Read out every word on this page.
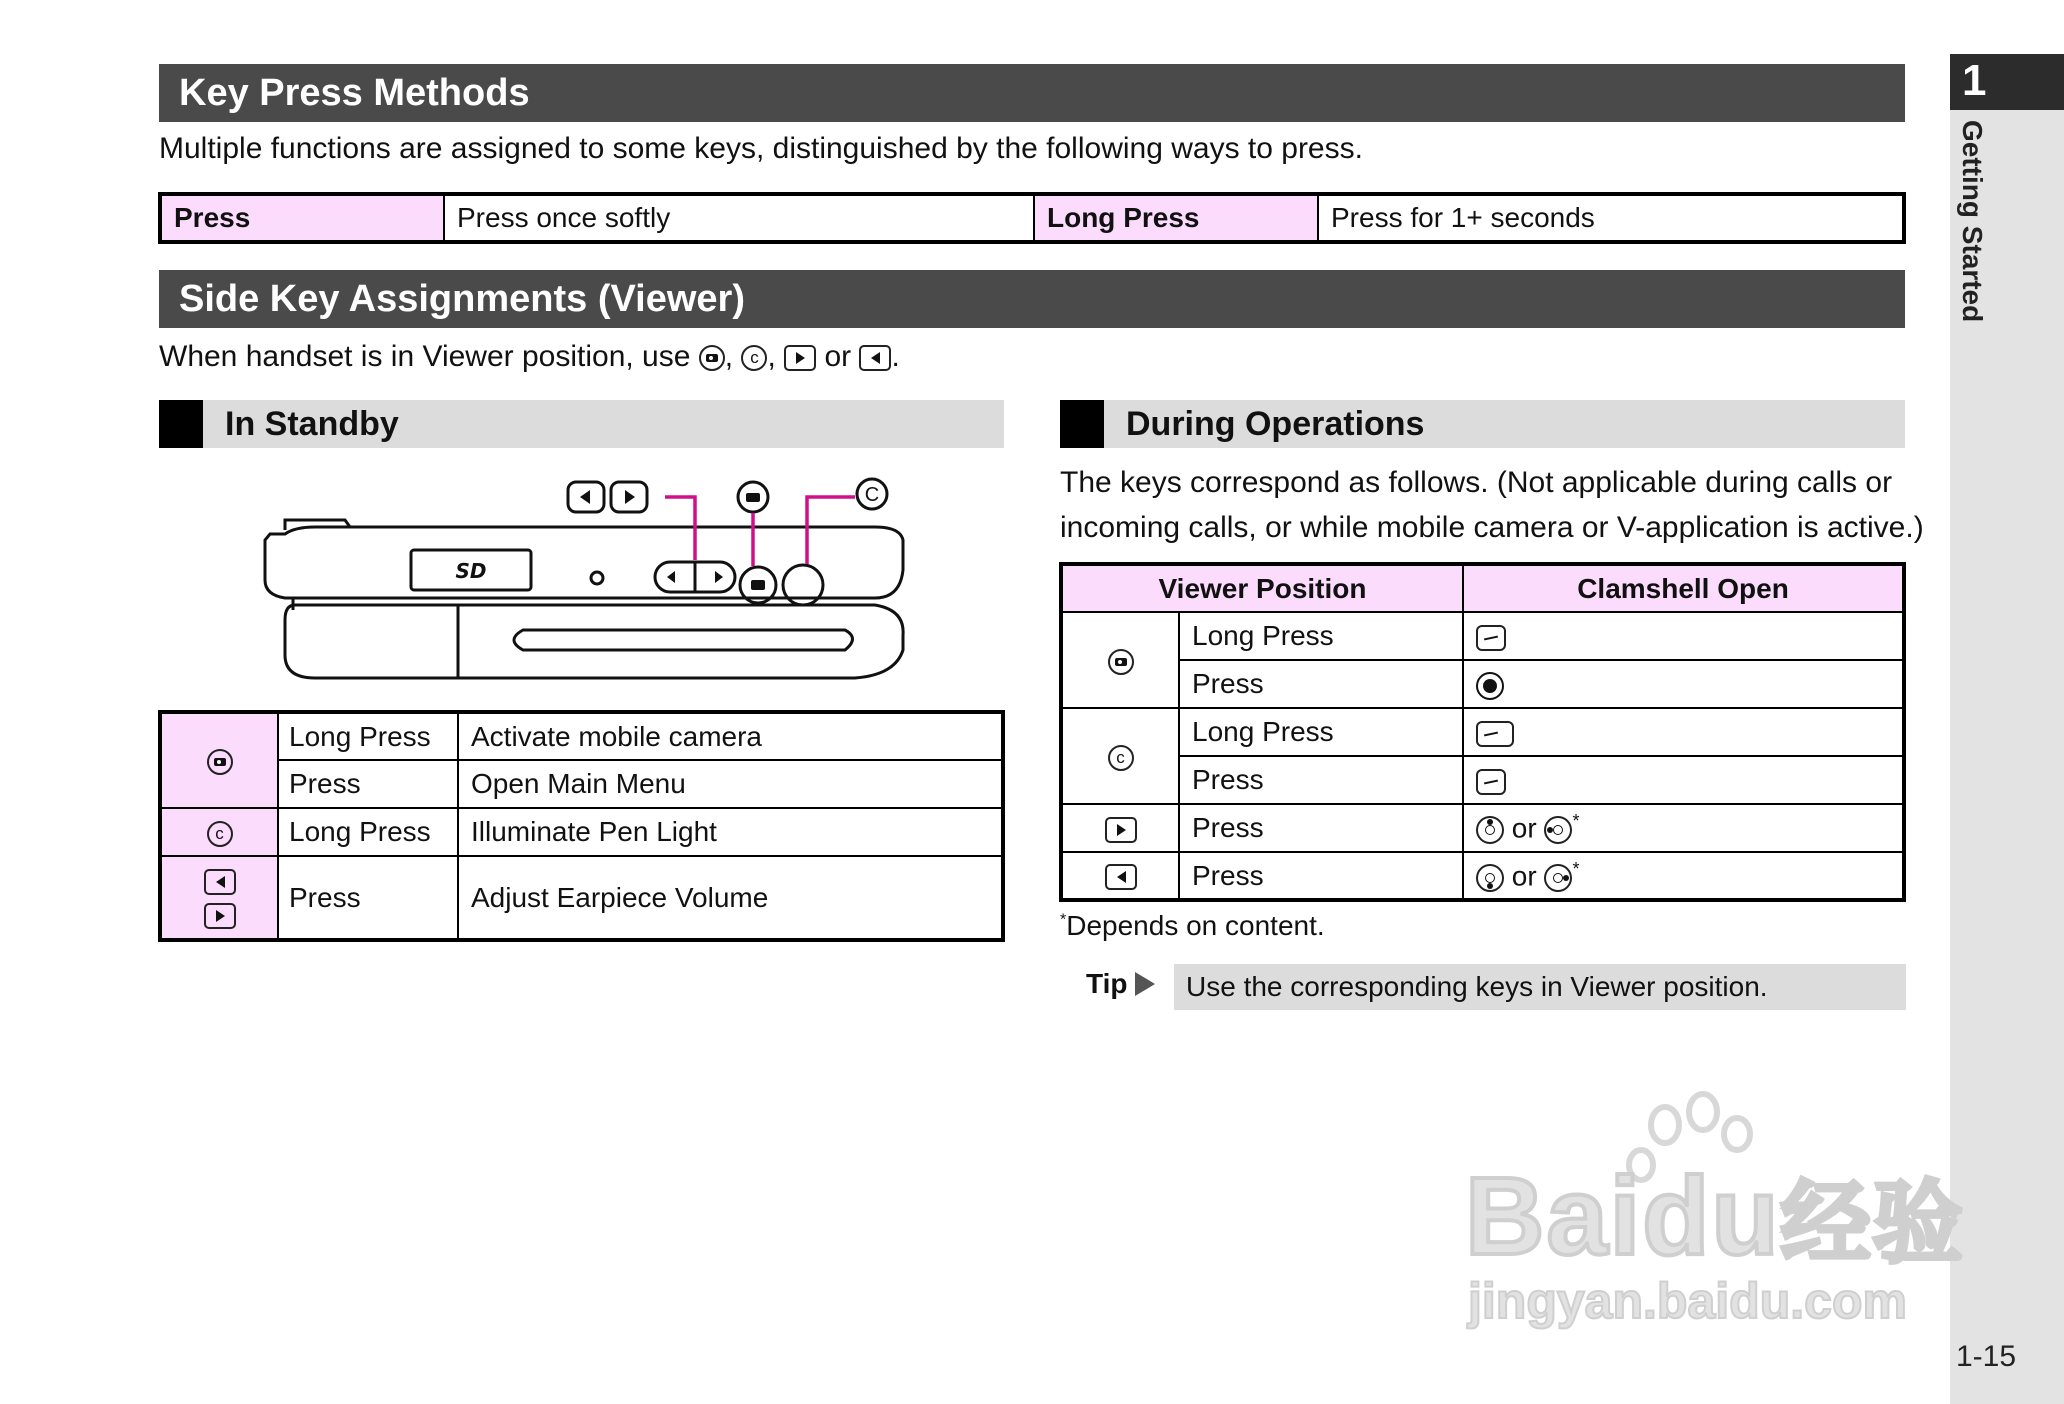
1
Getting Started
1-15
Key Press Methods
Multiple functions are assigned to some keys, distinguished by the following ways to press.
Press	Press once softly	Long Press	Press for 1+ seconds
Side Key Assignments (Viewer)
When handset is in Viewer position, use , c ,
or .
In Standby
SD
C
	Long Press	Activate mobile camera
	Press	Open Main Menu
c	Long Press	Illuminate Pen Light

	Press	Adjust Earpiece Volume
During Operations
The keys correspond as follows. (Not applicable during calls or
incoming calls, or while mobile camera or V-application is active.)
Viewer Position		Clamshell Open

	Long Press	
	Press	
c	Long Press	
	Press	

	Press	or *

	Press	or *
*Depends on content.
Tip	Use the corresponding keys in Viewer position.
Baidu经验
jingyan.baidu.com
